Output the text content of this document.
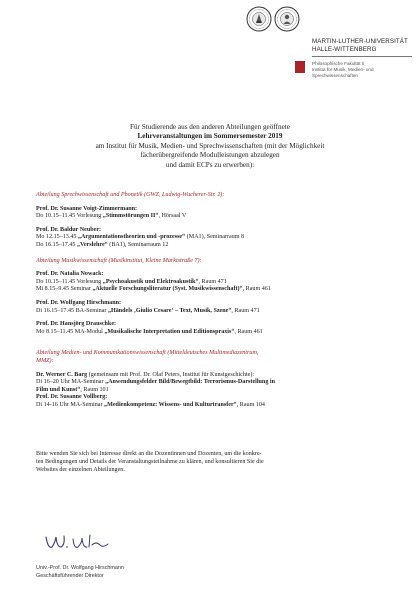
MARTIN-LUTHER-UNIVERSITÄT
HALLE-WITTENBERG
Philosophische Fakultät II
Institut für Musik, Medien- und
Sprechwissenschaften
Für Studierende aus den anderen Abteilungen geöffnete
Lehrveranstaltungen im Sommersemester 2019
am Institut für Musik, Medien- und Sprechwissenschaften (mit der Möglichkeit
fächerübergreifende Modulleistungen abzulegen
und damit ECPs zu erwerben):
Abteilung Sprechwissenschaft und Phonetik (GWZ, Ludwig-Wucherer-Str. 2):
Prof. Dr. Susanne Voigt-Zimmermann:
Do 10.15–11.45 Vorlesung „Stimmstörungen II“, Hörsaal V
Prof. Dr. Baldur Neuber:
Mo 12.15–13.45 „Argumentationstheorien und -prozesse“ (MA1), Seminarraum 8
Do 16.15–17.45 „Verslehre“ (BA1), Seminarraum 12
Abteilung Musikwissenschaft (Musikinstitut, Kleine Marktstraße 7):
Prof. Dr. Natalia Nowack:
Do 10.15–11.45 Vorlesung „Psychoakustik und Elektroakustik“, Raum 471
Mi 8.15–9.45 Seminar „Aktuelle Forschungsliteratur (Syst. Musikwissenschaft)“, Raum 461
Prof. Dr. Wolfgang Hirschmann:
Di 16.15–17.45 BA-Seminar „Händels ‚Giulio Cesare‘ – Text, Musik, Szene“, Raum 471
Prof. Dr. Hansjörg Drauschke:
Mo 8.15–11.45 MA-Modul „Musikalische Interpretation und Editionspraxis“, Raum 461
Abteilung Medien- und Kommunikationswissenschaft (Mitteldeutsches Multimediazentrum,
MMZ):
Dr. Werner C. Barg (gemeinsam mit Prof. Dr. Olaf Peters, Institut für Kunstgeschichte):
Di 16–20 Uhr MA-Seminar „Anwendungsfelder Bild/Bewegtbild: Terrorismus-Darstellung in
Film und Kunst“, Raum 101
Prof. Dr. Susanne Vollberg:
Di 14-16 Uhr MA-Seminar „Medienkompetenz: Wissens- und Kulturtransfer“, Raum 104
Bitte wenden Sie sich bei Interesse direkt an die Dozentinnen und Dozenten, um die konkre-
ten Bedingungen und Details der Veranstaltungsteilnahme zu klären, und konsultieren Sie die
Websites der einzelnen Abteilungen.
Univ.-Prof. Dr. Wolfgang Hirschmann
Geschäftsführender Direktor
